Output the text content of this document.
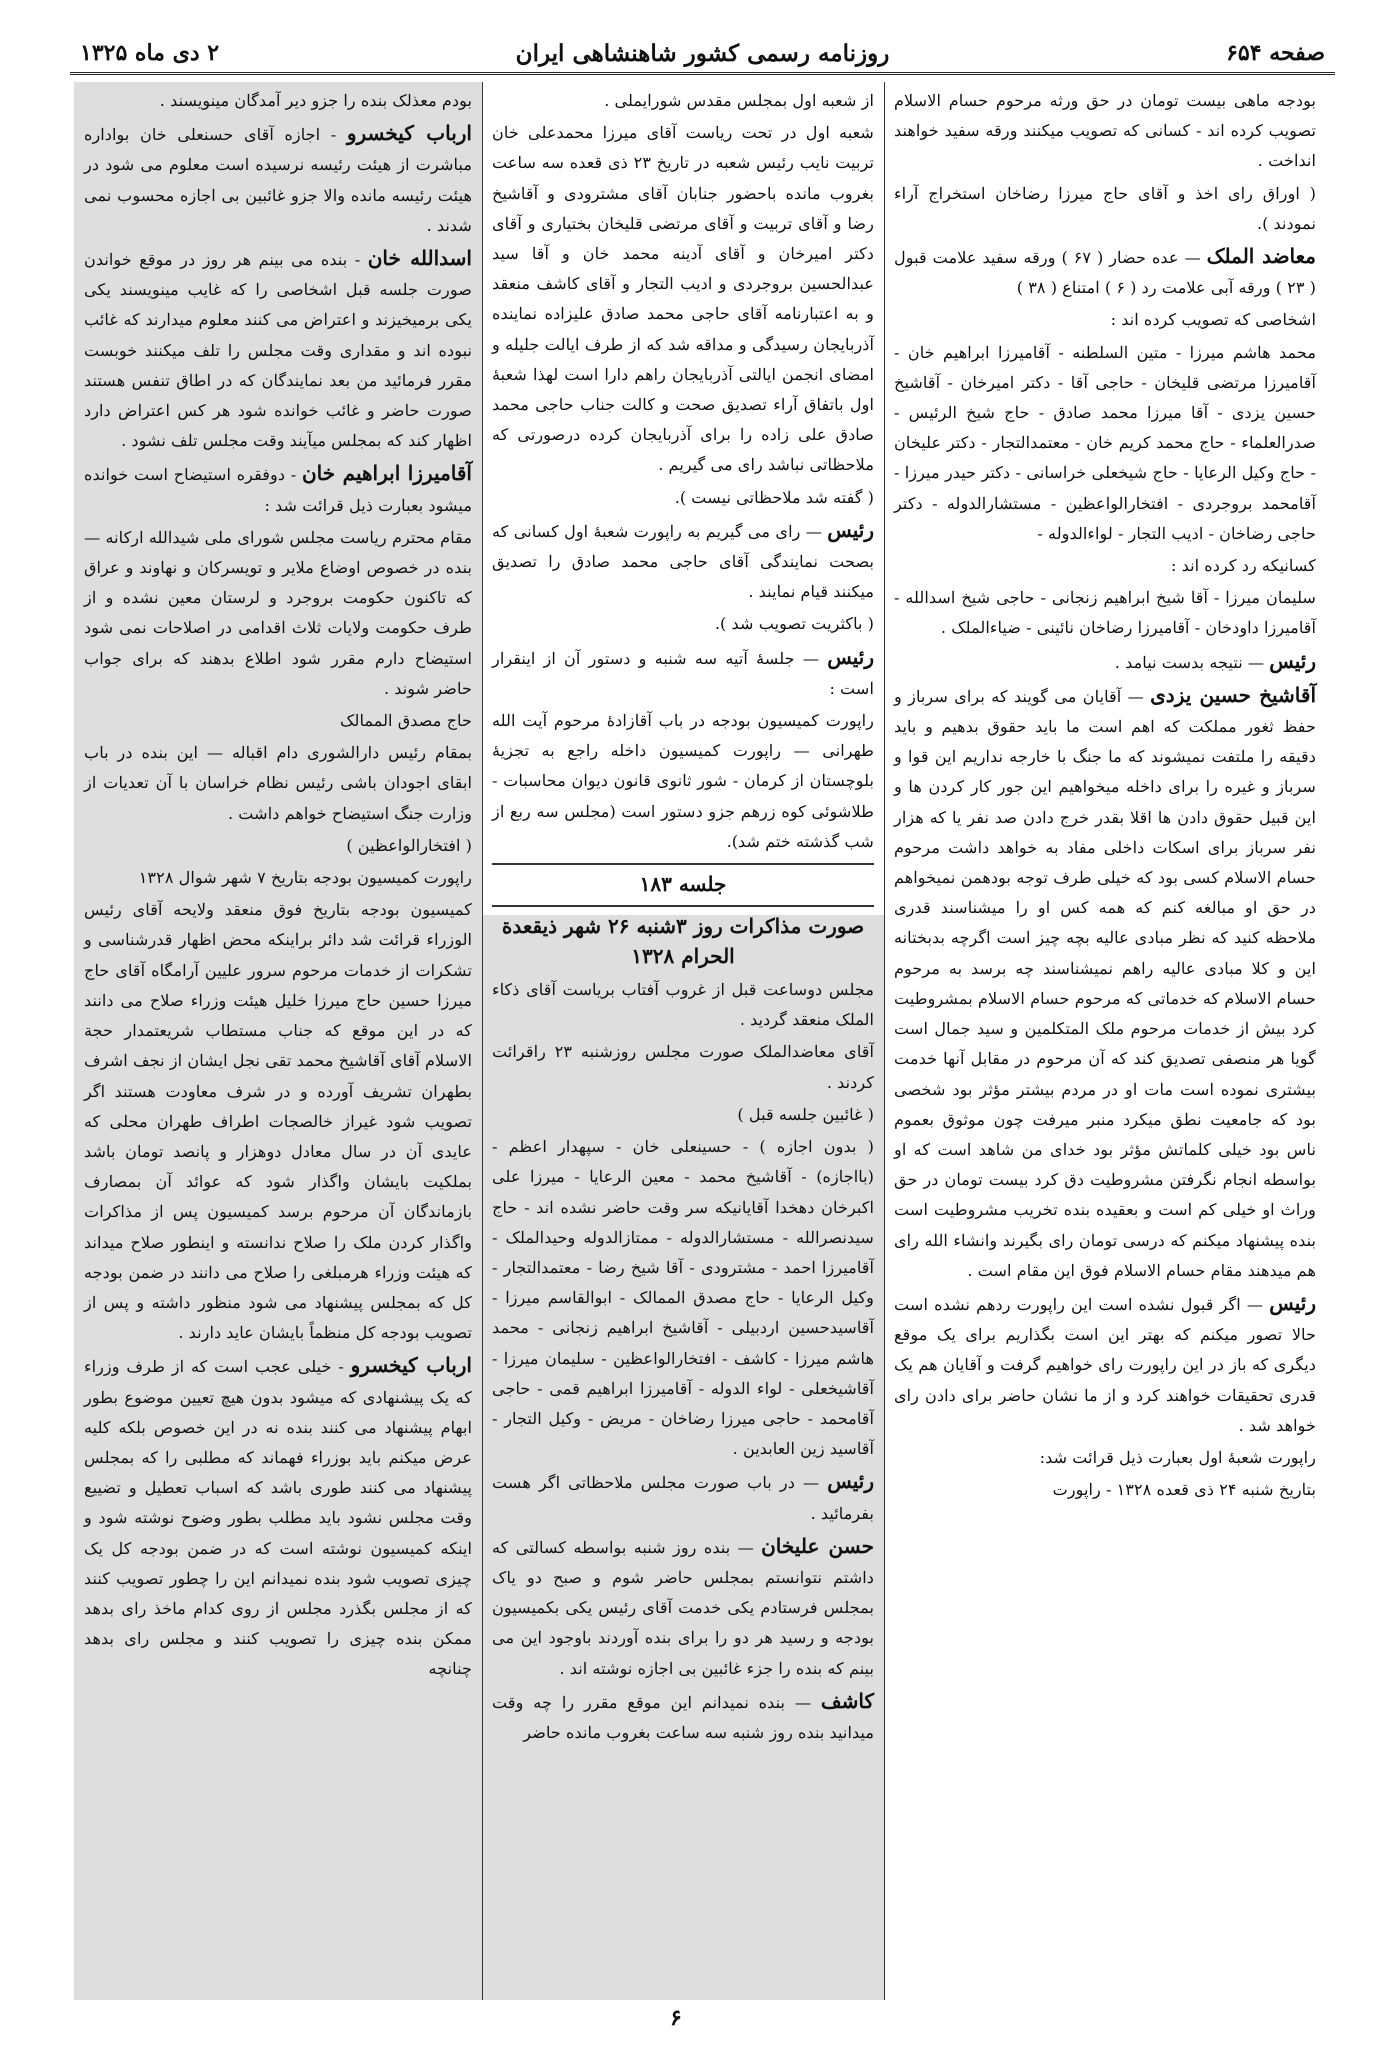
صفحه ۶۵۴
روزنامه رسمی کشور شاهنشاهی ایران
۲ دی ماه ۱۳۲۵
بودجه ماهی بیست تومان در حق ورثه مرحوم حسام الاسلام تصویب کرده اند - کسانی که تصویب میکنند ورقه سفید خواهند انداخت .
( اوراق رای اخذ و آقای حاج میرزا رضاخان استخراج آراء نمودند ).
معاضد الملک — عده حضار ( ۶۷ ) ورقه سفید علامت قبول ( ۲۳ ) ورقه آبی علامت رد ( ۶ ) امتناع ( ۳۸ )
اشخاصی که تصویب کرده اند :
محمد هاشم میرزا - متین السلطنه - آقامیرزا ابراهیم خان - آقامیرزا مرتضی قلیخان - حاجی آقا - دکتر امیرخان - آقاشیخ حسین یزدی - آقا میرزا محمد صادق - حاج شیخ الرئیس - صدرالعلماء - حاج محمد کریم خان - معتمدالتجار - دکتر علیخان - حاج وکیل الرعایا - حاج شیخعلی خراسانی - دکتر حیدر میرزا - آقامحمد بروجردی - افتخارالواعظین - مستشارالدوله - دکتر حاجی رضاخان - ادیب التجار - لواءالدوله -
کسانیکه رد کرده اند :
سلیمان میرزا - آقا شیخ ابراهیم زنجانی - حاجی شیخ اسدالله - آقامیرزا داودخان - آقامیرزا رضاخان نائینی - ضیاءالملک .
رئیس — نتیجه بدست نیامد .
آقاشیخ حسین یزدی — آقایان می گویند که برای سرباز و حفظ ثغور مملکت که اهم است ما باید حقوق بدهیم و باید دقیقه را ملتفت نمیشوند که ما جنگ با خارجه نداریم این قوا و سرباز و غیره را برای داخله میخواهیم این جور کار کردن ها و این قبیل حقوق دادن ها اقلا بقدر خرج دادن صد نفر یا که هزار نفر سرباز برای اسکات داخلی مفاد به خواهد داشت مرحوم حسام الاسلام کسی بود که خیلی طرف توجه بودهمن نمیخواهم در حق او مبالغه کنم که همه کس او را میشناسند قدری ملاحظه کنید که نظر مبادی عالیه بچه چیز است اگرچه بدبختانه این و کلا مبادی عالیه راهم نمیشناسند چه برسد به مرحوم حسام الاسلام که خدماتی که مرحوم حسام الاسلام بمشروطیت کرد بیش از خدمات مرحوم ملک المتکلمین و سید جمال است گویا هر منصفی تصدیق کند که آن مرحوم در مقابل آنها خدمت بیشتری نموده است مات او در مردم بیشتر مؤثر بود شخصی بود که جامعیت نطق میکرد منبر میرفت چون موثوق بعموم ناس بود خیلی کلماتش مؤثر بود خدای من شاهد است که او بواسطه انجام نگرفتن مشروطیت دق کرد بیست تومان در حق وراث او خیلی کم است و بعقیده بنده تخریب مشروطیت است بنده پیشنهاد میکنم که درسی تومان رای بگیرند وانشاء الله رای هم میدهند مقام حسام الاسلام فوق این مقام است .
رئیس — اگر قبول نشده است این راپورت ردهم نشده است حالا تصور میکنم که بهتر این است بگذاریم برای یک موقع دیگری که باز در این راپورت رای خواهیم گرفت و آقایان هم یک قدری تحقیقات خواهند کرد و از ما نشان حاضر برای دادن رای خواهد شد .
راپورت شعبهٔ اول بعبارت ذیل قرائت شد:
بتاریخ شنبه ۲۴ ذی قعده ۱۳۲۸ - راپورت
از شعبه اول بمجلس مقدس شورایملی .
شعبه اول در تحت ریاست آقای میرزا محمدعلی خان تربیت نایب رئیس شعبه در تاریخ ۲۳ ذی قعده سه ساعت بغروب مانده باحضور جنابان آقای مشترودی و آقاشیخ رضا و آقای تربیت و آقای مرتضی قلیخان بختیاری و آقای دکتر امیرخان و آقای آدینه محمد خان و آقا سید عبدالحسین بروجردی و ادیب التجار و آقای کاشف منعقد و به اعتبارنامه آقای حاجی محمد صادق علیزاده نماینده آذربایجان رسیدگی و مداقه شد که از طرف ایالت جلیله و امضای انجمن ایالتی آذربایجان راهم دارا است لهذا شعبهٔ اول باتفاق آراء تصدیق صحت و کالت جناب حاجی محمد صادق علی زاده را برای آذربایجان کرده درصورتی که ملاحظاتی نباشد رای می گیریم .
( گفته شد ملاحظاتی نیست ).
رئیس — رای می گیریم به راپورت شعبهٔ اول کسانی که بصحت نمایندگی آقای حاجی محمد صادق را تصدیق میکنند قیام نمایند .
( باکثریت تصویب شد ).
رئیس — جلسهٔ آتیه سه شنبه و دستور آن از اینقرار است :
راپورت کمیسیون بودجه در باب آقازادهٔ مرحوم آیت الله طهرانی — راپورت کمیسیون داخله راجع به تجزیهٔ بلوچستان از کرمان - شور ثانوی قانون دیوان محاسبات - طلاشوئی کوه زرهم جزو دستور است (مجلس سه ربع از شب گذشته ختم شد).
جلسه ۱۸۳
صورت مذاکرات روز ۳شنبه ۲۶ شهر ذیقعدة الحرام ۱۳۲۸
مجلس دوساعت قبل از غروب آفتاب بریاست آقای ذکاء الملک منعقد گردید .
آقای معاضدالملک صورت مجلس روزشنبه ۲۳ راقرائت کردند .
( غائبین جلسه قبل )
( بدون اجازه ) - حسینعلی خان - سپهدار اعظم - (بااجازه) - آقاشیخ محمد - معین الرعایا - میرزا علی اکبرخان دهخدا آقایانیکه سر وقت حاضر نشده اند - حاج سیدنصرالله - مستشارالدوله - ممتازالدوله وحیدالملک - آقامیرزا احمد - مشترودی - آقا شیخ رضا - معتمدالتجار - وکیل الرعایا - حاج مصدق الممالک - ابوالقاسم میرزا - آقاسیدحسین اردبیلی - آقاشیخ ابراهیم زنجانی - محمد هاشم میرزا - کاشف - افتخارالواعظین - سلیمان میرزا - آقاشیخعلی - لواء الدوله - آقامیرزا ابراهیم قمی - حاجی آقامحمد - حاجی میرزا رضاخان - مریض - وکیل التجار - آقاسید زین العابدین .
رئیس — در باب صورت مجلس ملاحظاتی اگر هست بفرمائید .
حسن علیخان — بنده روز شنبه بواسطه کسالتی که داشتم نتوانستم بمجلس حاضر شوم و صبح دو یاک بمجلس فرستادم یکی خدمت آقای رئیس یکی بکمیسیون بودجه و رسید هر دو را برای بنده آوردند باوجود این می بینم که بنده را جزء غائبین بی اجازه نوشته اند .
کاشف — بنده نمیدانم این موقع مقرر را چه وقت میدانید بنده روز شنبه سه ساعت بغروب مانده حاضر
بودم معذلک بنده را جزو دیر آمدگان مینویسند .
ارباب کیخسرو - اجازه آقای حسنعلی خان بواداره مباشرت از هیئت رئیسه نرسیده است معلوم می شود در هیئت رئیسه مانده والا جزو غائبین بی اجازه محسوب نمی شدند .
اسدالله خان - بنده می بینم هر روز در موقع خواندن صورت جلسه قبل اشخاصی را که غایب مینویسند یکی یکی برمیخیزند و اعتراض می کنند معلوم میدارند که غائب نبوده اند و مقداری وقت مجلس را تلف میکنند خوبست مقرر فرمائید من بعد نمایندگان که در اطاق تنفس هستند صورت حاضر و غائب خوانده شود هر کس اعتراض دارد اظهار کند که بمجلس میآیند وقت مجلس تلف نشود .
آقامیرزا ابراهیم خان - دوفقره استیضاح است خوانده میشود بعبارت ذیل قرائت شد :
مقام محترم ریاست مجلس شورای ملی شیدالله ارکانه — بنده در خصوص اوضاع ملایر و تویسرکان و نهاوند و عراق که تاکنون حکومت بروجرد و لرستان معین نشده و از طرف حکومت ولایات ثلاث اقدامی در اصلاحات نمی شود استیضاح دارم مقرر شود اطلاع بدهند که برای جواب حاضر شوند .
حاج مصدق الممالک
بمقام رئیس دارالشوری دام اقباله — این بنده در باب ابقای اجودان باشی رئیس نظام خراسان با آن تعدیات از وزارت جنگ استیضاح خواهم داشت .
( افتخارالواعظین )
راپورت کمیسیون بودجه بتاریخ ۷ شهر شوال ۱۳۲۸
کمیسیون بودجه بتاریخ فوق منعقد ولایحه آقای رئیس الوزراء قرائت شد دائر براینکه محض اظهار قدرشناسی و تشکرات از خدمات مرحوم سرور علیین آرامگاه آقای حاج میرزا حسین حاج میرزا خلیل هیئت وزراء صلاح می دانند که در این موقع که جناب مستطاب شریعتمدار حجة الاسلام آقای آقاشیخ محمد تقی نجل ایشان از نجف اشرف بطهران تشریف آورده و در شرف معاودت هستند اگر تصویب شود غیراز خالصجات اطراف طهران محلی که عایدی آن در سال معادل دوهزار و پانصد تومان باشد بملکیت بایشان واگذار شود که عوائد آن بمصارف بازماندگان آن مرحوم برسد کمیسیون پس از مذاکرات واگذار کردن ملک را صلاح ندانسته و اینطور صلاح میداند که هیئت وزراء هرمبلغی را صلاح می دانند در ضمن بودجه کل که بمجلس پیشنهاد می شود منظور داشته و پس از تصویب بودجه کل منظماً بایشان عاید دارند .
ارباب کیخسرو - خیلی عجب است که از طرف وزراء که یک پیشنهادی که میشود بدون هیچ تعیین موضوع بطور ابهام پیشنهاد می کنند بنده نه در این خصوص بلکه کلیه عرض میکنم باید بوزراء فهماند که مطلبی را که بمجلس پیشنهاد می کنند طوری باشد که اسباب تعطیل و تضییع وقت مجلس نشود باید مطلب بطور وضوح نوشته شود و اینکه کمیسیون نوشته است که در ضمن بودجه کل یک چیزی تصویب شود بنده نمیدانم این را چطور تصویب کنند که از مجلس بگذرد مجلس از روی کدام ماخذ رای بدهد ممکن بنده چیزی را تصویب کنند و مجلس رای بدهد چنانچه
۶
